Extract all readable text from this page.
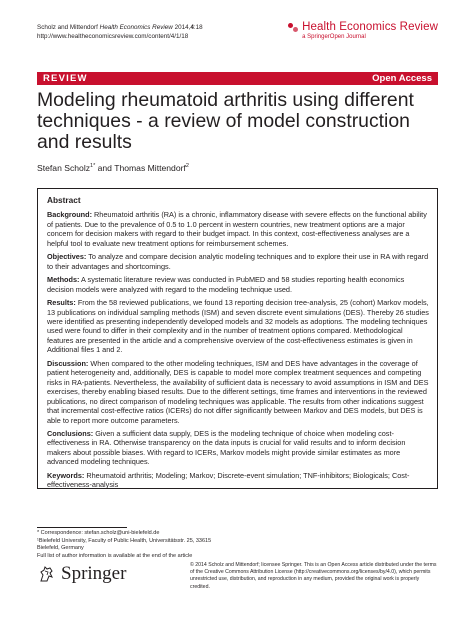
Scholz and Mittendorf Health Economics Review 2014,4:18
http://www.healtheconomicsreview.com/content/4/1/18
Health Economics Review
a SpringerOpen Journal
REVIEW	Open Access
Modeling rheumatoid arthritis using different techniques - a review of model construction and results
Stefan Scholz$^{1*}$ and Thomas Mittendorf$^2$
Abstract

Background: Rheumatoid arthritis (RA) is a chronic, inflammatory disease with severe effects on the functional ability of patients. Due to the prevalence of 0.5 to 1.0 percent in western countries, new treatment options are a major concern for decision makers with regard to their budget impact. In this context, cost-effectiveness analyses are a helpful tool to evaluate new treatment options for reimbursement schemes.

Objectives: To analyze and compare decision analytic modeling techniques and to explore their use in RA with regard to their advantages and shortcomings.

Methods: A systematic literature review was conducted in PubMED and 58 studies reporting health economics decision models were analyzed with regard to the modeling technique used.

Results: From the 58 reviewed publications, we found 13 reporting decision tree-analysis, 25 (cohort) Markov models, 13 publications on individual sampling methods (ISM) and seven discrete event simulations (DES). Thereby 26 studies were identified as presenting independently developed models and 32 models as adoptions. The modeling techniques used were found to differ in their complexity and in the number of treatment options compared. Methodological features are presented in the article and a comprehensive overview of the cost-effectiveness estimates is given in Additional files 1 and 2.

Discussion: When compared to the other modeling techniques, ISM and DES have advantages in the coverage of patient heterogeneity and, additionally, DES is capable to model more complex treatment sequences and competing risks in RA-patients. Nevertheless, the availability of sufficient data is necessary to avoid assumptions in ISM and DES exercises, thereby enabling biased results. Due to the different settings, time frames and interventions in the reviewed publications, no direct comparison of modeling techniques was applicable. The results from other indications suggest that incremental cost-effective ratios (ICERs) do not differ significantly between Markov and DES models, but DES is able to report more outcome parameters.

Conclusions: Given a sufficient data supply, DES is the modeling technique of choice when modeling cost-effectiveness in RA. Otherwise transparency on the data inputs is crucial for valid results and to inform decision makers about possible biases. With regard to ICERs, Markov models might provide similar estimates as more advanced modeling techniques.

Keywords: Rheumatoid arthritis; Modeling; Markov; Discrete-event simulation; TNF-inhibitors; Biologicals; Cost-effectiveness-analysis

* Correspondence: stefan.scholz@uni-bielefeld.de
¹Bielefeld University, Faculty of Public Health, Universitätsstr. 25, 33615
Bielefeld, Germany
Full list of author information is available at the end of the article
Springer	© 2014 Scholz and Mittendorf; licensee Springer. This is an Open Access article distributed under the terms of the Creative Commons Attribution License (http://creativecommons.org/licenses/by/4.0), which permits unrestricted use, distribution, and reproduction in any medium, provided the original work is properly credited.
